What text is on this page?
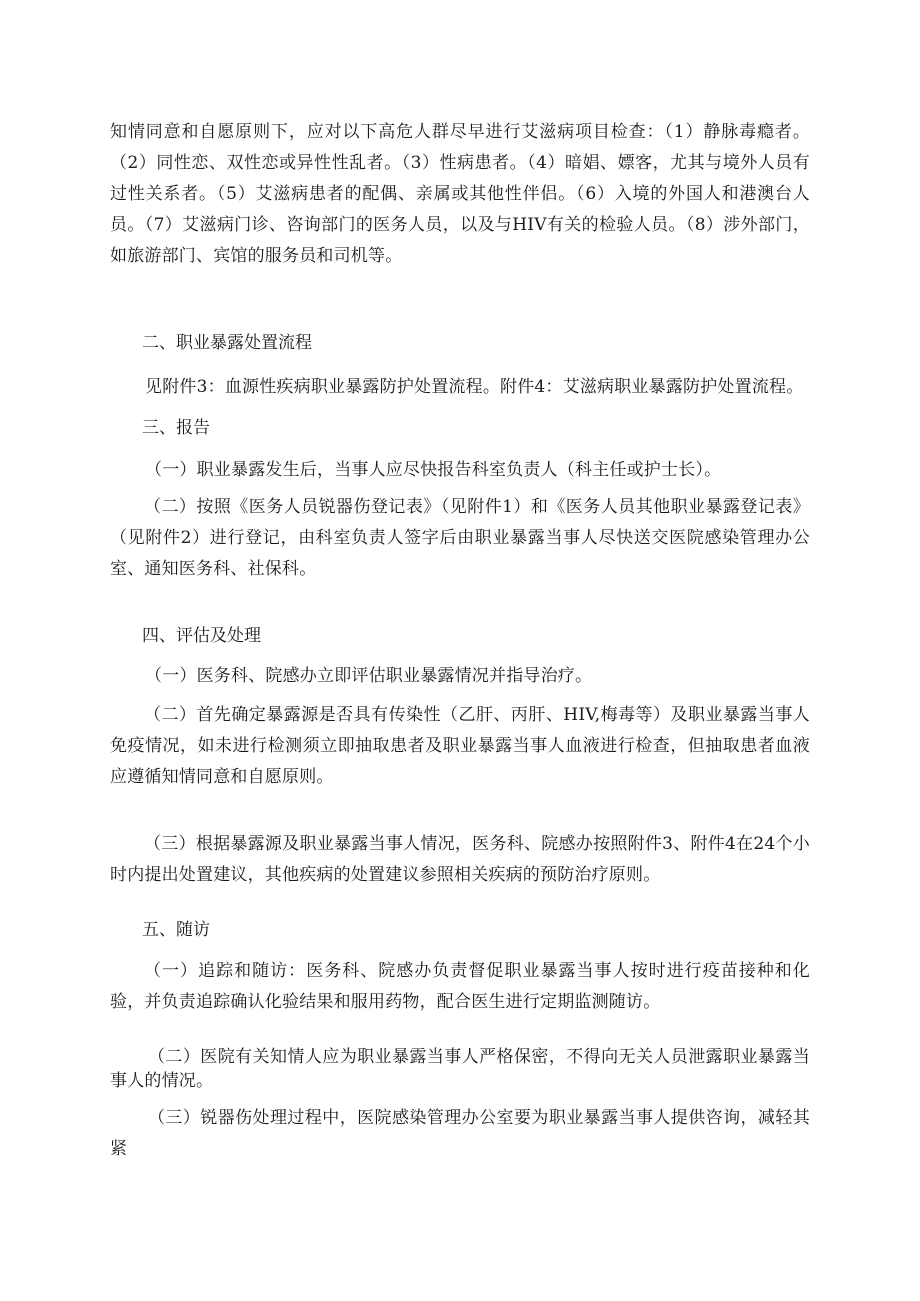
知情同意和自愿原则下，应对以下高危人群尽早进行艾滋病项目检查：（1）静脉毒瘾者。（2）同性恋、双性恋或异性性乱者。（3）性病患者。（4）暗娼、嫖客，尤其与境外人员有过性关系者。（5）艾滋病患者的配偶、亲属或其他性伴侣。（6）入境的外国人和港澳台人员。（7）艾滋病门诊、咨询部门的医务人员，以及与HIV有关的检验人员。（8）涉外部门，如旅游部门、宾馆的服务员和司机等。

二、职业暴露处置流程

见附件3：血源性疾病职业暴露防护处置流程。附件4：艾滋病职业暴露防护处置流程。

三、报告

（一）职业暴露发生后，当事人应尽快报告科室负责人（科主任或护士长）。

（二）按照《医务人员锐器伤登记表》（见附件1）和《医务人员其他职业暴露登记表》（见附件2）进行登记，由科室负责人签字后由职业暴露当事人尽快送交医院感染管理办公室、通知医务科、社保科。

四、评估及处理

（一）医务科、院感办立即评估职业暴露情况并指导治疗。

（二）首先确定暴露源是否具有传染性（乙肝、丙肝、HIV,梅毒等）及职业暴露当事人免疫情况，如未进行检测须立即抽取患者及职业暴露当事人血液进行检查，但抽取患者血液应遵循知情同意和自愿原则。

（三）根据暴露源及职业暴露当事人情况，医务科、院感办按照附件3、附件4在24个小时内提出处置建议，其他疾病的处置建议参照相关疾病的预防治疗原则。

五、随访

（一）追踪和随访：医务科、院感办负责督促职业暴露当事人按时进行疫苗接种和化验，并负责追踪确认化验结果和服用药物，配合医生进行定期监测随访。

（二）医院有关知情人应为职业暴露当事人严格保密，不得向无关人员泄露职业暴露当事人的情况。

（三）锐器伤处理过程中，医院感染管理办公室要为职业暴露当事人提供咨询，减轻其紧
